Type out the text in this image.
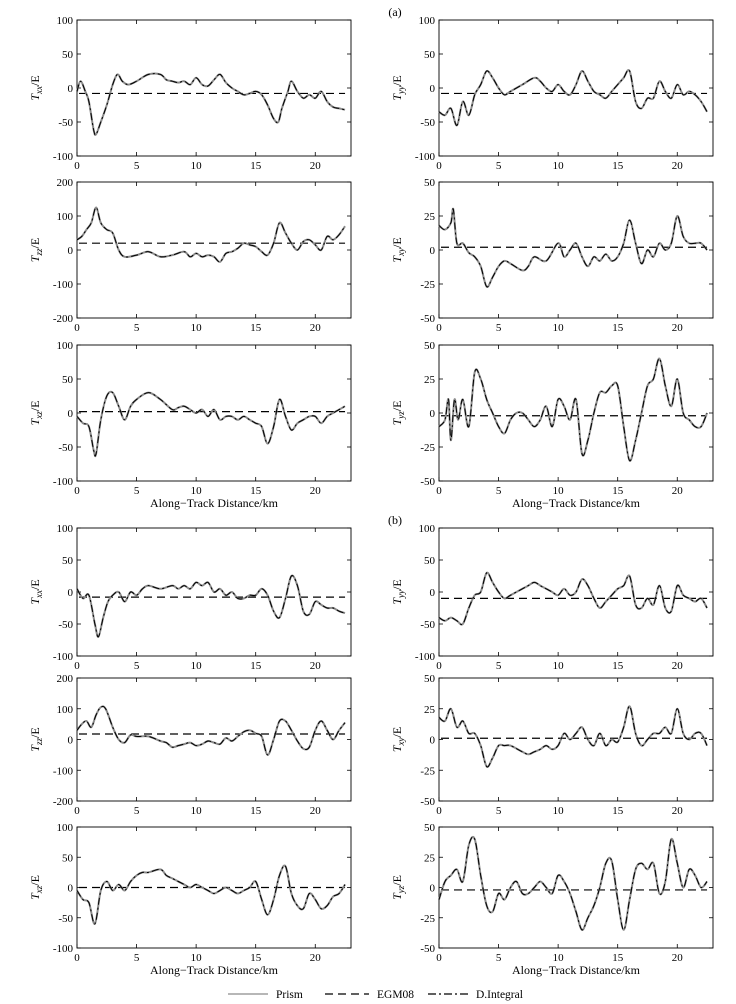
-100
-50
0
50
100
0	5	10	15	20
$T_{xx}/E$
-100
-50
0
50
100
0	5	10	15	20
$T_{yy}/E$
-200
-100
0
100
200
0	5	10	15	20
$T_{zz}/E$
-50
-25
0
25
50
0	5	10	15	20
$T_{xy}/E$
-100
-50
0
50
100
0	5	10	15	20
$T_{xz}/E$
Along−Track Distance/km
-50
-25
0
25
50
0	5	10	15	20
$T_{yz}/E$
Along−Track Distance/km
-100
-50
0
50
100
0	5	10	15	20
$T_{xx}/E$
-100
-50
0
50
100
0	5	10	15	20
$T_{yy}/E$
-200
-100
0
100
200
0	5	10	15	20
$T_{zz}/E$
-50
-25
0
25
50
0	5	10	15	20
$T_{xy}/E$
-100
-50
0
50
100
0	5	10	15	20
$T_{xz}/E$
Along−Track Distance/km
-50
-25
0
25
50
0	5	10	15	20
$T_{yz}/E$
Along−Track Distance/km
(a)
(b)
Prism	EGM08	D.Integral
